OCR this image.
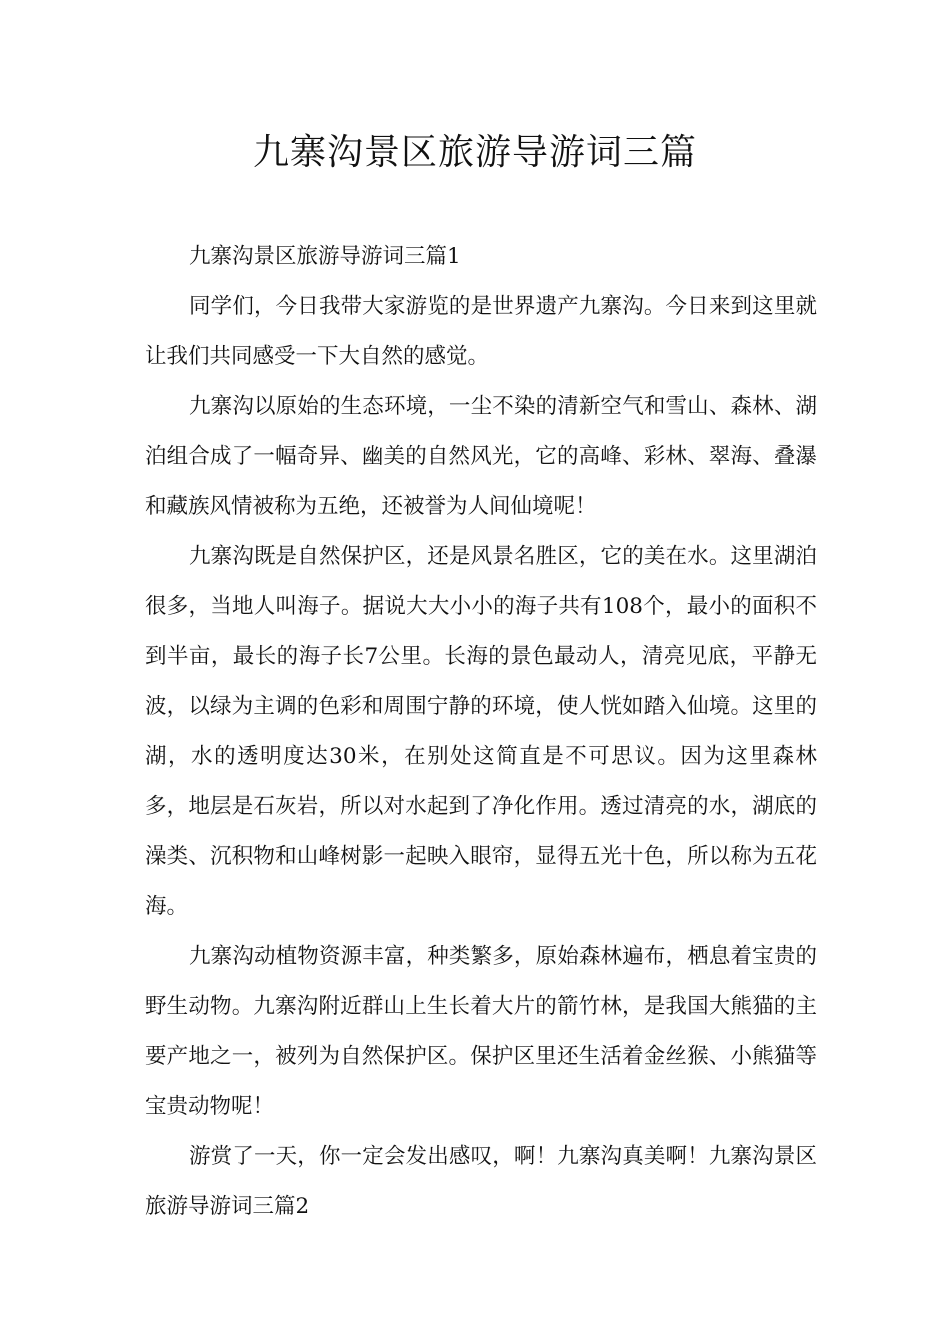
九寨沟景区旅游导游词三篇

九寨沟景区旅游导游词三篇1

同学们，今日我带大家游览的是世界遗产九寨沟。今日来到这里就让我们共同感受一下大自然的感觉。

九寨沟以原始的生态环境，一尘不染的清新空气和雪山、森林、湖泊组合成了一幅奇异、幽美的自然风光，它的高峰、彩林、翠海、叠瀑和藏族风情被称为五绝，还被誉为人间仙境呢！

九寨沟既是自然保护区，还是风景名胜区，它的美在水。这里湖泊很多，当地人叫海子。据说大大小小的海子共有108个，最小的面积不到半亩，最长的海子长7公里。长海的景色最动人，清亮见底，平静无波，以绿为主调的色彩和周围宁静的环境，使人恍如踏入仙境。这里的湖，水的透明度达30米，在别处这简直是不可思议。因为这里森林多，地层是石灰岩，所以对水起到了净化作用。透过清亮的水，湖底的澡类、沉积物和山峰树影一起映入眼帘，显得五光十色，所以称为五花海。

九寨沟动植物资源丰富，种类繁多，原始森林遍布，栖息着宝贵的野生动物。九寨沟附近群山上生长着大片的箭竹林，是我国大熊猫的主要产地之一，被列为自然保护区。保护区里还生活着金丝猴、小熊猫等宝贵动物呢！

游赏了一天，你一定会发出感叹，啊！九寨沟真美啊！九寨沟景区旅游导游词三篇2
